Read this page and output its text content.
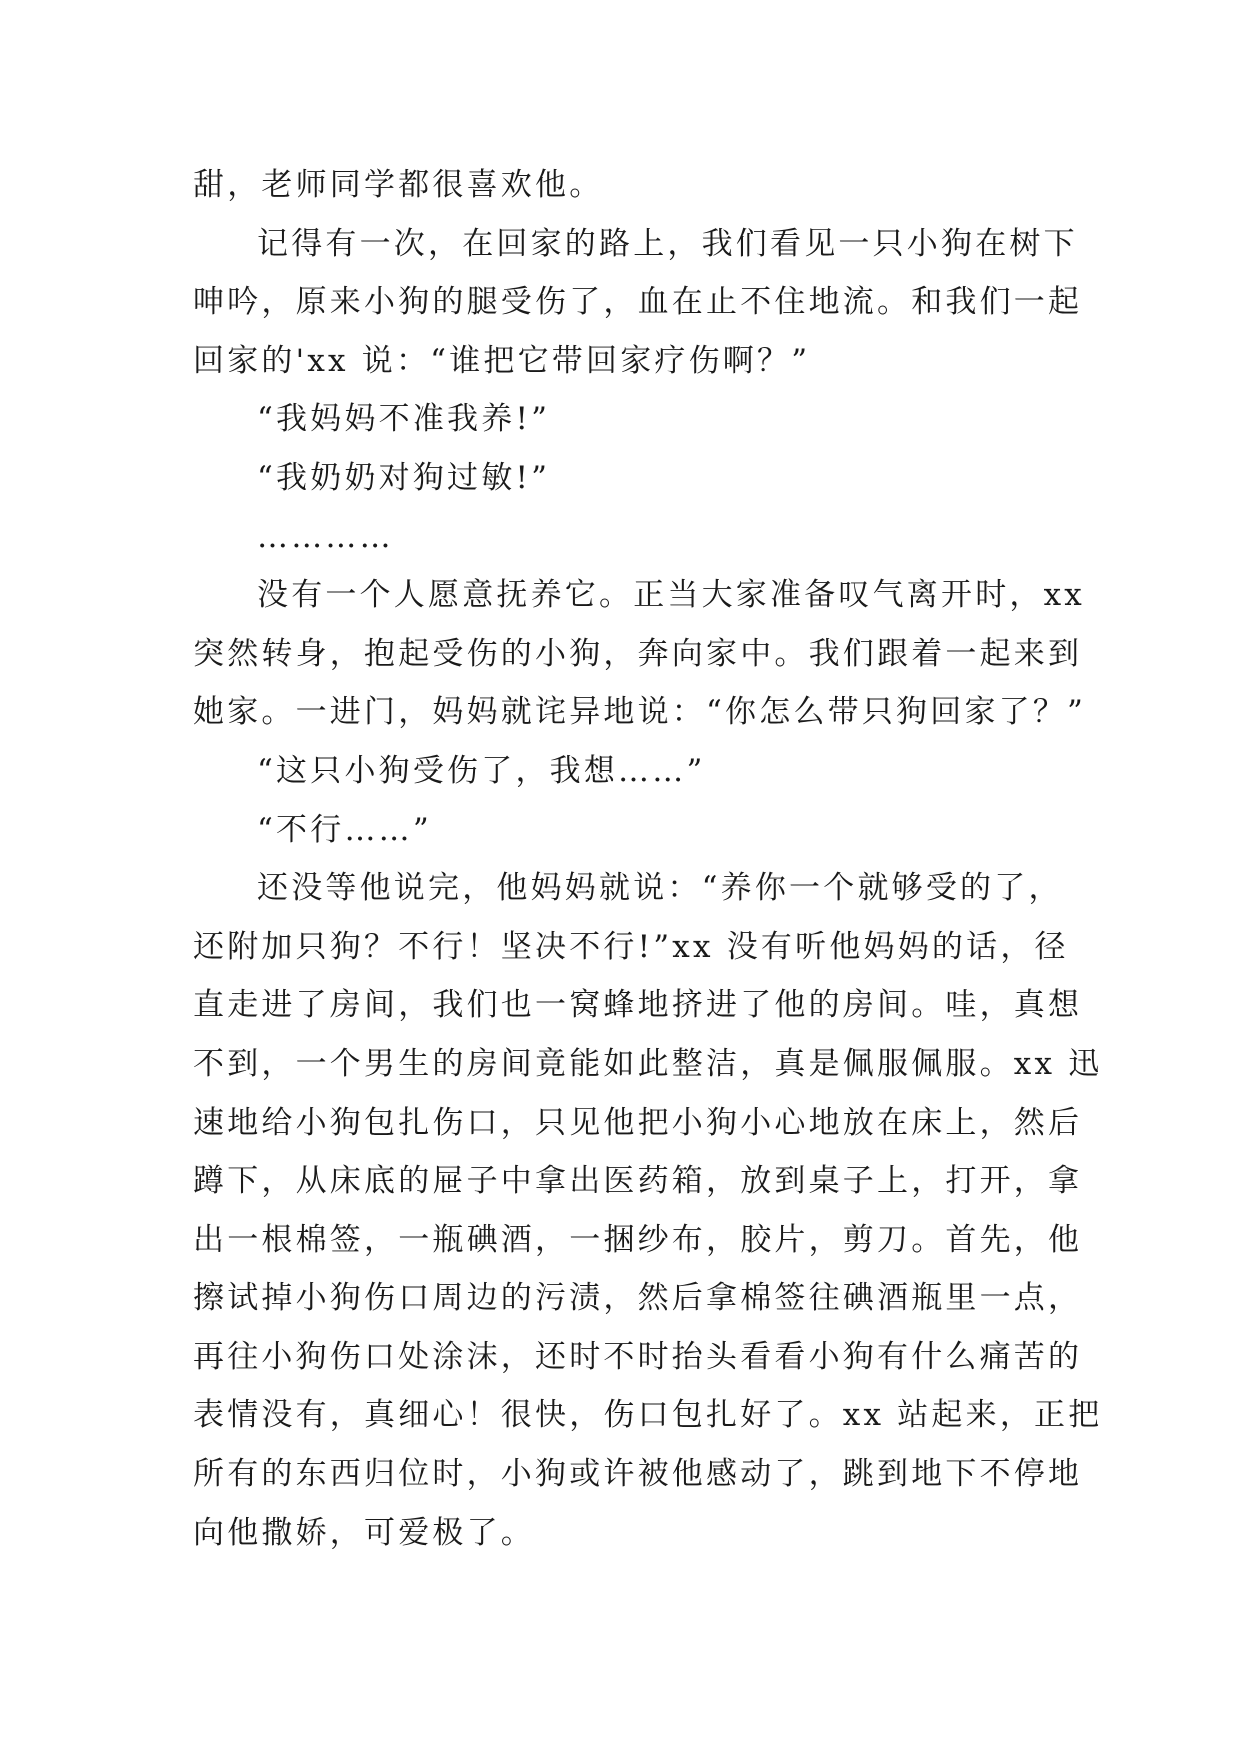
甜，老师同学都很喜欢他。
记得有一次，在回家的路上，我们看见一只小狗在树下
呻吟，原来小狗的腿受伤了，血在止不住地流。和我们一起
回家的'xx 说：“谁把它带回家疗伤啊？”
“我妈妈不准我养!”
“我奶奶对狗过敏!”
…………
没有一个人愿意抚养它。正当大家准备叹气离开时，xx
突然转身，抱起受伤的小狗，奔向家中。我们跟着一起来到
她家。一进门，妈妈就诧异地说：“你怎么带只狗回家了？”
“这只小狗受伤了，我想……”
“不行……”
还没等他说完，他妈妈就说：“养你一个就够受的了，
还附加只狗？不行！坚决不行!”xx 没有听他妈妈的话，径
直走进了房间，我们也一窝蜂地挤进了他的房间。哇，真想
不到，一个男生的房间竟能如此整洁，真是佩服佩服。xx 迅
速地给小狗包扎伤口，只见他把小狗小心地放在床上，然后
蹲下，从床底的屉子中拿出医药箱，放到桌子上，打开，拿
出一根棉签，一瓶碘酒，一捆纱布，胶片，剪刀。首先，他
擦试掉小狗伤口周边的污渍，然后拿棉签往碘酒瓶里一点，
再往小狗伤口处涂沫，还时不时抬头看看小狗有什么痛苦的
表情没有，真细心！很快，伤口包扎好了。xx 站起来，正把
所有的东西归位时，小狗或许被他感动了，跳到地下不停地
向他撒娇，可爱极了。
